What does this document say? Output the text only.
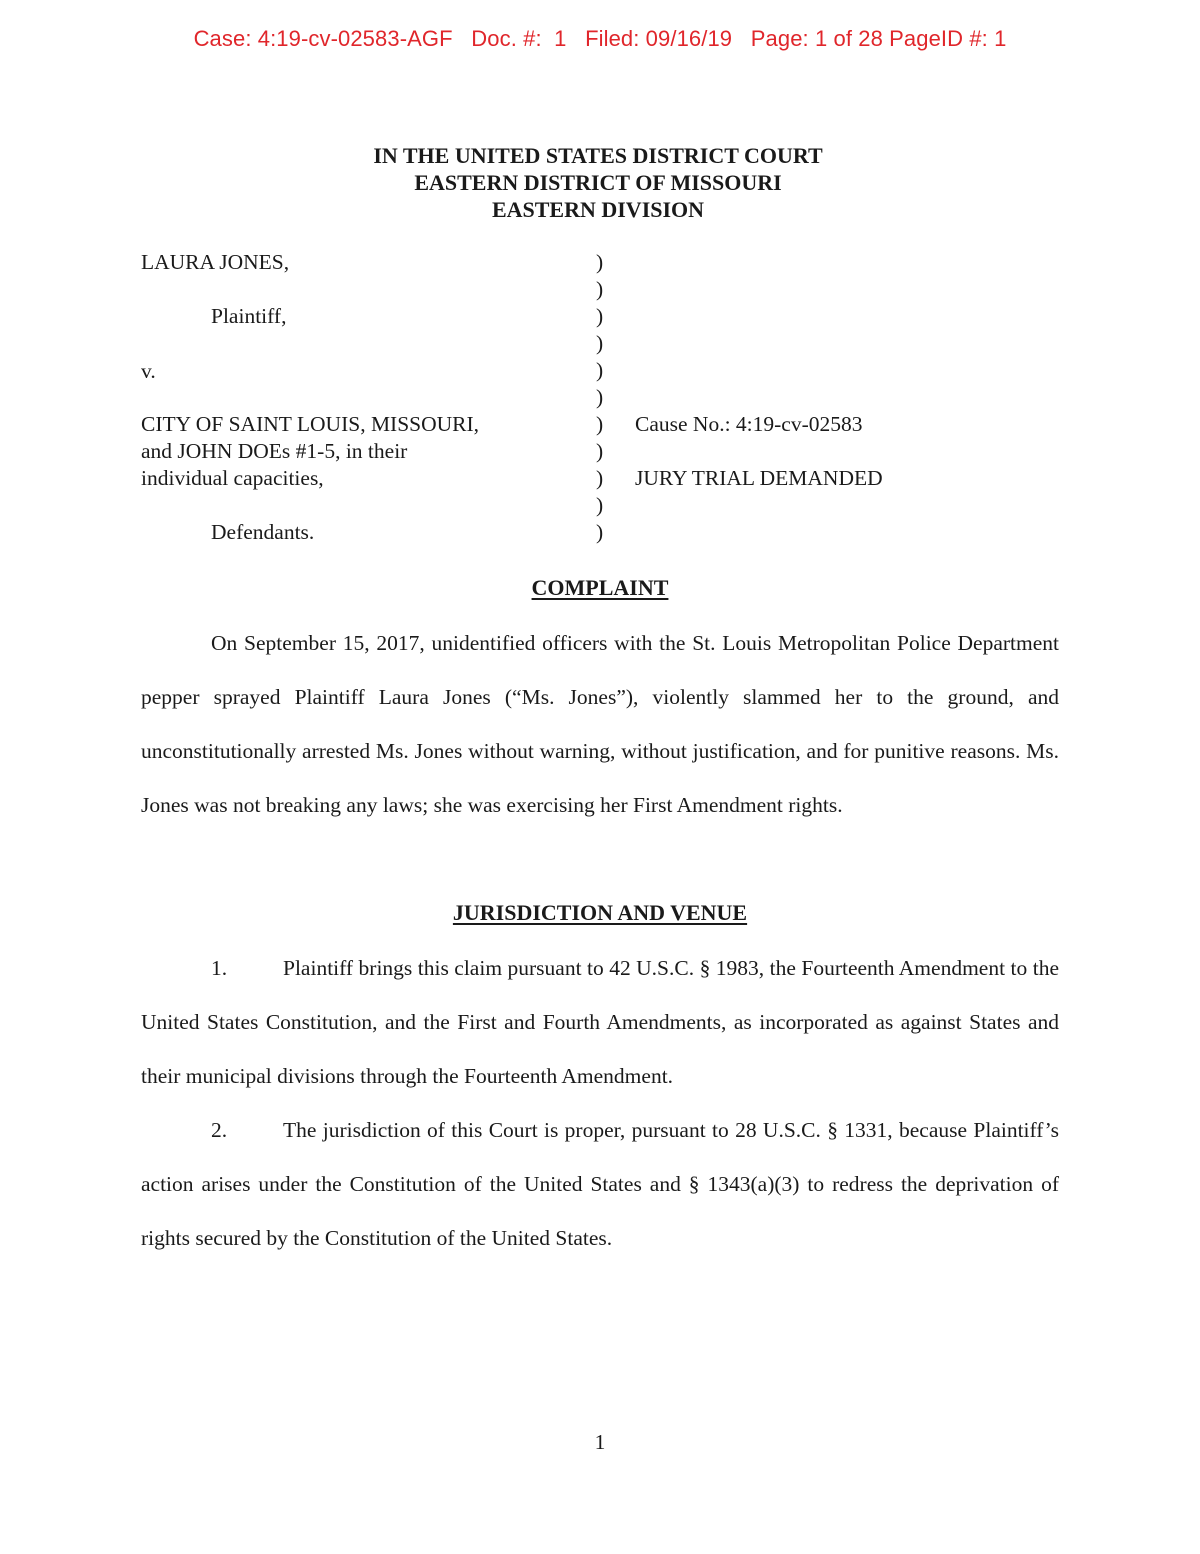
Case: 4:19-cv-02583-AGF   Doc. #:  1   Filed: 09/16/19   Page: 1 of 28 PageID #: 1
IN THE UNITED STATES DISTRICT COURT
EASTERN DISTRICT OF MISSOURI
EASTERN DIVISION
LAURA JONES,
Plaintiff,
v.
CITY OF SAINT LOUIS, MISSOURI,
and JOHN DOEs #1-5, in their
individual capacities,
Defendants.
)
)
)
)
)
)
)
)
)
)
)
Cause No.: 4:19-cv-02583
JURY TRIAL DEMANDED
COMPLAINT
On September 15, 2017, unidentified officers with the St. Louis Metropolitan Police Department pepper sprayed Plaintiff Laura Jones (“Ms. Jones”), violently slammed her to the ground, and unconstitutionally arrested Ms. Jones without warning, without justification, and for punitive reasons. Ms. Jones was not breaking any laws; she was exercising her First Amendment rights.
JURISDICTION AND VENUE
1.	Plaintiff brings this claim pursuant to 42 U.S.C. § 1983, the Fourteenth Amendment to the United States Constitution, and the First and Fourth Amendments, as incorporated as against States and their municipal divisions through the Fourteenth Amendment.
2.	The jurisdiction of this Court is proper, pursuant to 28 U.S.C. § 1331, because Plaintiff’s action arises under the Constitution of the United States and § 1343(a)(3) to redress the deprivation of rights secured by the Constitution of the United States.
1
